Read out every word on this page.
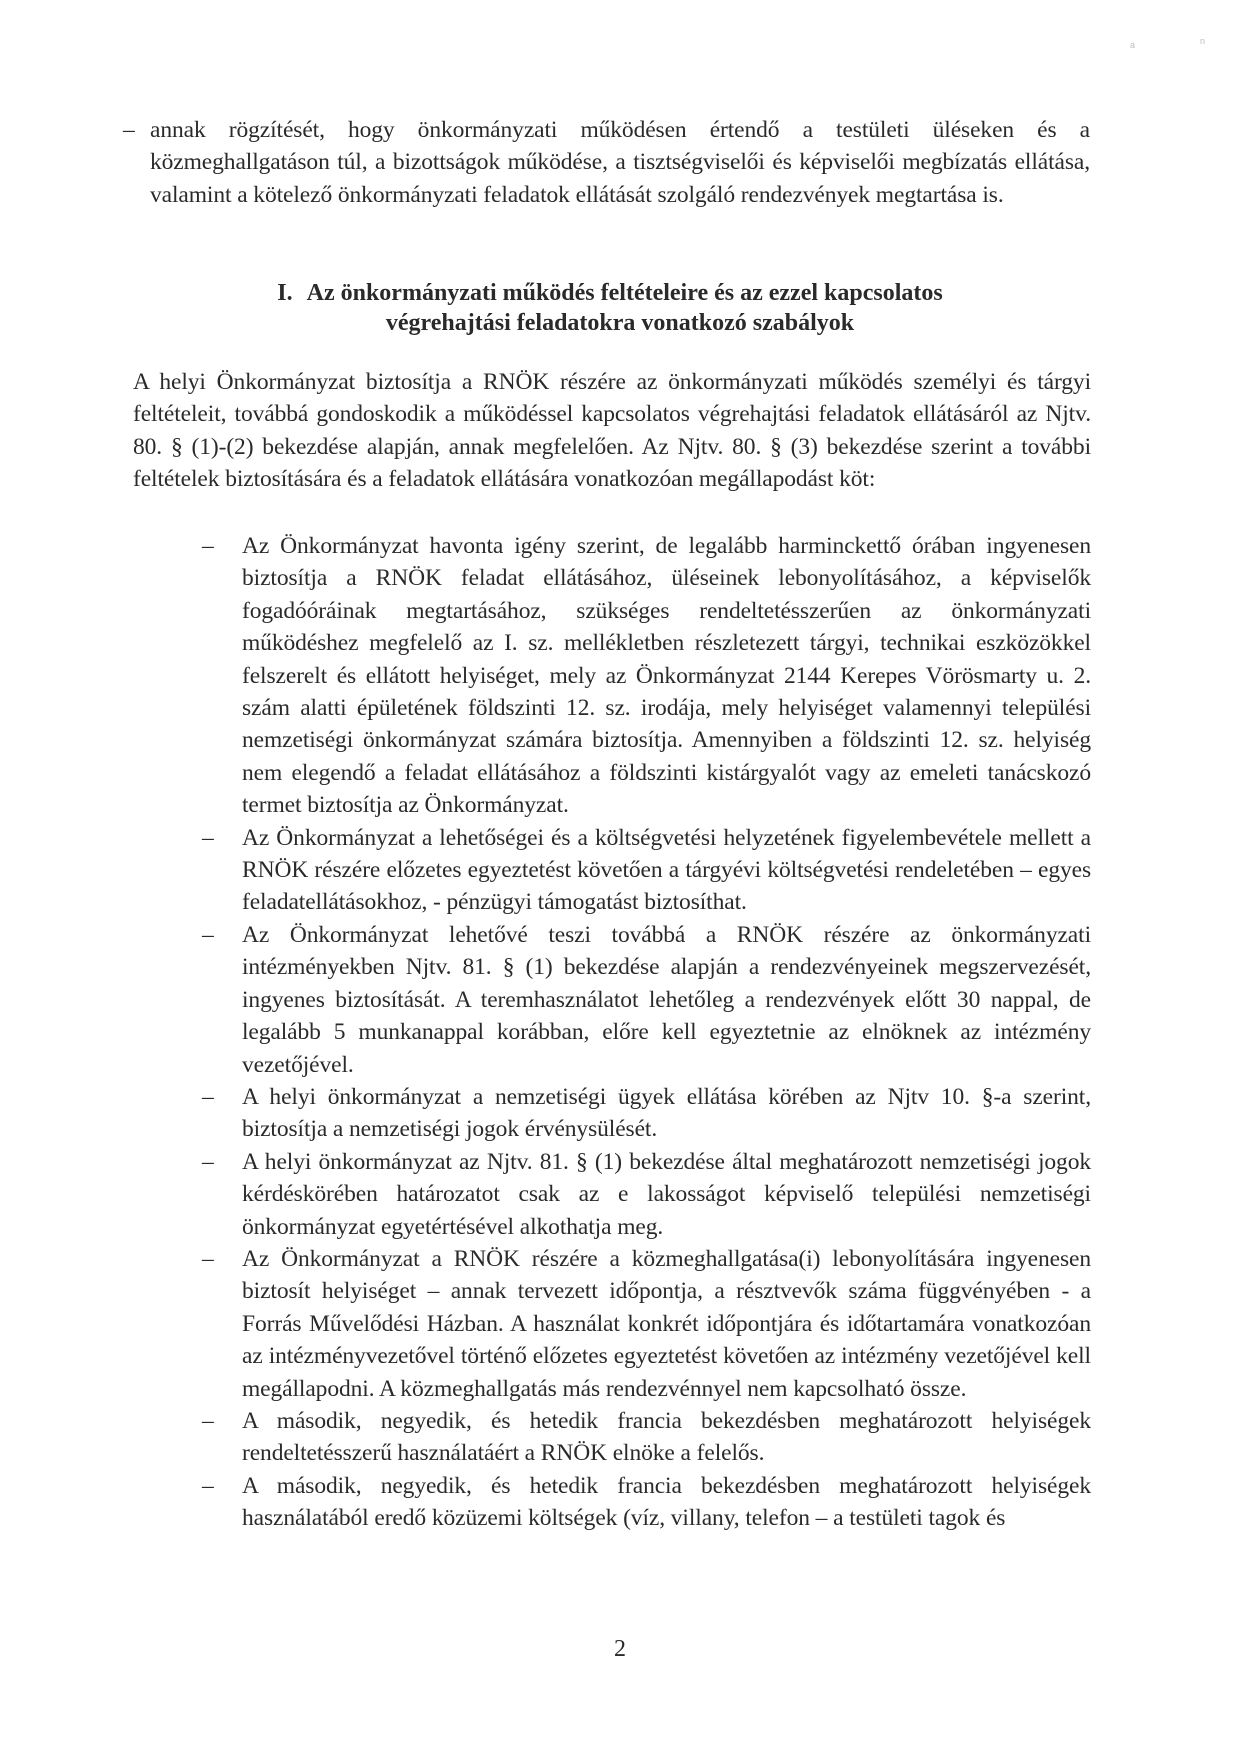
a	n
– annak rögzítését, hogy önkormányzati működésen értendő a testületi üléseken és a közmeghallgatáson túl, a bizottságok működése, a tisztségviselői és képviselői megbízatás ellátása, valamint a kötelező önkormányzati feladatok ellátását szolgáló rendezvények megtartása is.
I. Az önkormányzati működés feltételeire és az ezzel kapcsolatos
végrehajtási feladatokra vonatkozó szabályok
A helyi Önkormányzat biztosítja a RNÖK részére az önkormányzati működés személyi és tárgyi feltételeit, továbbá gondoskodik a működéssel kapcsolatos végrehajtási feladatok ellátásáról az Njtv. 80. § (1)-(2) bekezdése alapján, annak megfelelően. Az Njtv. 80. § (3) bekezdése szerint a további feltételek biztosítására és a feladatok ellátására vonatkozóan megállapodást köt:
– Az Önkormányzat havonta igény szerint, de legalább harminckettő órában ingyenesen biztosítja a RNÖK feladat ellátásához, üléseinek lebonyolításához, a képviselők fogadóóráinak megtartásához, szükséges rendeltetésszerűen az önkormányzati működéshez megfelelő az I. sz. mellékletben részletezett tárgyi, technikai eszközökkel felszerelt és ellátott helyiséget, mely az Önkormányzat 2144 Kerepes Vörösmarty u. 2. szám alatti épületének földszinti 12. sz. irodája, mely helyiséget valamennyi települési nemzetiségi önkormányzat számára biztosítja. Amennyiben a földszinti 12. sz. helyiség nem elegendő a feladat ellátásához a földszinti kistárgyalót vagy az emeleti tanácskozó termet biztosítja az Önkormányzat.
– Az Önkormányzat a lehetőségei és a költségvetési helyzetének figyelembevétele mellett a RNÖK részére előzetes egyeztetést követően a tárgyévi költségvetési rendeletében – egyes feladatellátásokhoz, - pénzügyi támogatást biztosíthat.
– Az Önkormányzat lehetővé teszi továbbá a RNÖK részére az önkormányzati intézményekben Njtv. 81. § (1) bekezdése alapján a rendezvényeinek megszervezését, ingyenes biztosítását. A teremhasználatot lehetőleg a rendezvények előtt 30 nappal, de legalább 5 munkanappal korábban, előre kell egyeztetnie az elnöknek az intézmény vezetőjével.
– A helyi önkormányzat a nemzetiségi ügyek ellátása körében az Njtv 10. §-a szerint, biztosítja a nemzetiségi jogok érvénysülését.
– A helyi önkormányzat az Njtv. 81. § (1) bekezdése által meghatározott nemzetiségi jogok kérdéskörében határozatot csak az e lakosságot képviselő települési nemzetiségi önkormányzat egyetértésével alkothatja meg.
– Az Önkormányzat a RNÖK részére a közmeghallgatása(i) lebonyolítására ingyenesen biztosít helyiséget – annak tervezett időpontja, a résztvevők száma függvényében - a Forrás Művelődési Házban. A használat konkrét időpontjára és időtartamára vonatkozóan az intézményvezetővel történő előzetes egyeztetést követően az intézmény vezetőjével kell megállapodni. A közmeghallgatás más rendezvénnyel nem kapcsolható össze.
– A második, negyedik, és hetedik francia bekezdésben meghatározott helyiségek rendeltetésszerű használatáért a RNÖK elnöke a felelős.
– A második, negyedik, és hetedik francia bekezdésben meghatározott helyiségek használatából eredő közüzemi költségek (víz, villany, telefon – a testületi tagok és
2
